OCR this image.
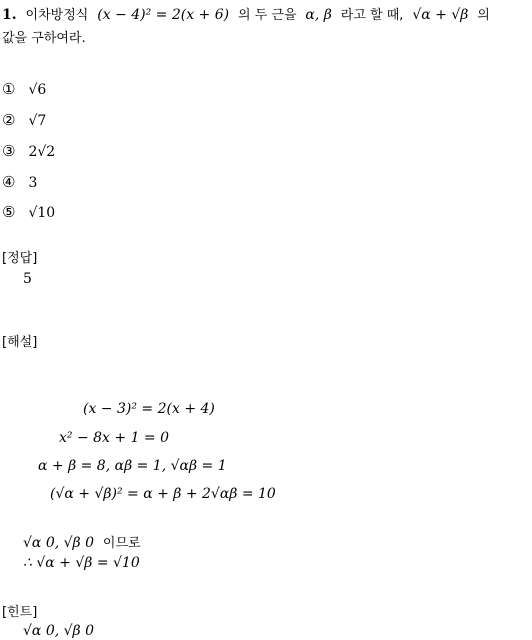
1. 이차방정식 (x − 4)² = 2(x + 6) 의 두 근을 α, β 라고 할 때, √α + √β 의
값을 구하여라.
① √6
② √7
③ 2√2
④ 3
⑤ √10
[정답]
5
[해설]
(x − 3)² = 2(x + 4)
x² − 8x + 1 = 0
α + β = 8, αβ = 1, √αβ = 1
(√α + √β)² = α + β + 2√αβ = 10
√α 0, √β 0 이므로
∴ √α + √β = √10
[힌트]
√α 0, √β 0
